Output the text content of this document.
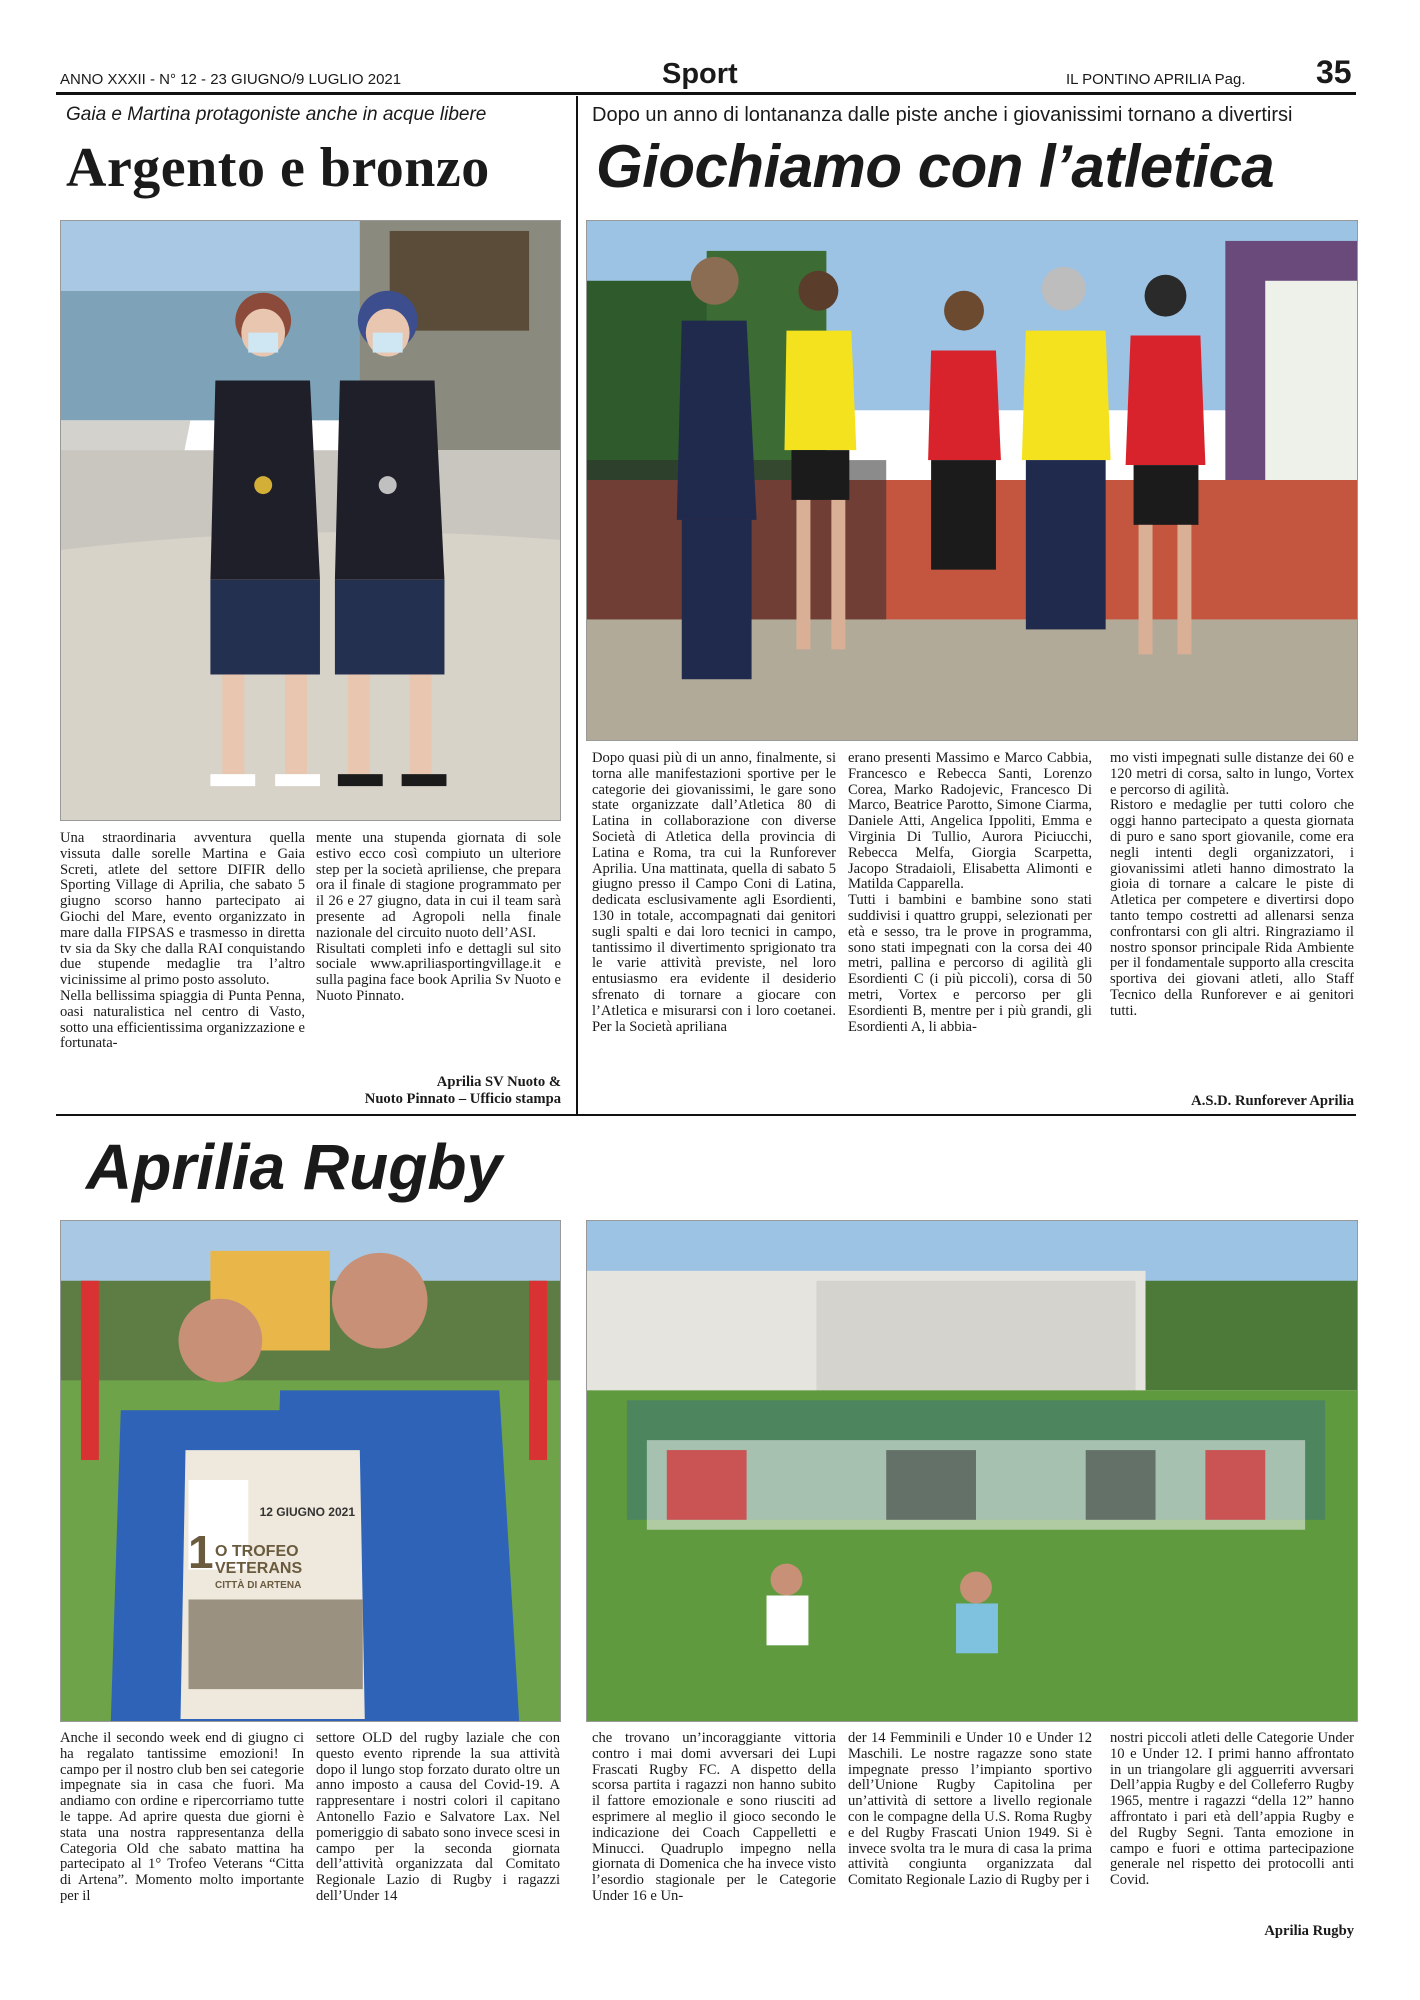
ANNO XXXII - N° 12 - 23 GIUGNO/9 LUGLIO 2021	Sport	IL PONTINO APRILIA Pag. 35
Gaia e Martina protagoniste anche in acque libere
Argento e bronzo

Una straordinaria avventura quella vissuta dalle sorelle Martina e Gaia Screti, atlete del settore DIFIR dello Sporting Village di Aprilia, che sabato 5 giugno scorso hanno partecipato ai Giochi del Mare, evento organizzato in mare dalla FIPSAS e trasmesso in diretta tv sia da Sky che dalla RAI conquistando due stupende medaglie tra l’altro vicinissime al primo posto assoluto.

Nella bellissima spiaggia di Punta Penna, oasi naturalistica nel centro di Vasto, sotto una efficientissima organizzazione e fortunata-

mente una stupenda giornata di sole estivo ecco così compiuto un ulteriore step per la società apriliense, che prepara ora il finale di stagione programmato per il 26 e 27 giugno, data in cui il team sarà presente ad Agropoli nella finale nazionale del circuito nuoto dell’ASI.

Risultati completi info e dettagli sul sito sociale www.apriliasportingvillage.it e sulla pagina face book Aprilia Sv Nuoto e Nuoto Pinnato.

Aprilia SV Nuoto &
Nuoto Pinnato – Ufficio stampa
Dopo un anno di lontananza dalle piste anche i giovanissimi tornano a divertirsi
Giochiamo con l’atletica

Dopo quasi più di un anno, finalmente, si torna alle manifestazioni sportive per le categorie dei giovanissimi, le gare sono state organizzate dall’Atletica 80 di Latina in collaborazione con diverse Società di Atletica della provincia di Latina e Roma, tra cui la Runforever Aprilia. Una mattinata, quella di sabato 5 giugno presso il Campo Coni di Latina, dedicata esclusivamente agli Esordienti, 130 in totale, accompagnati dai genitori sugli spalti e dai loro tecnici in campo, tantissimo il divertimento sprigionato tra le varie attività previste, nel loro entusiasmo era evidente il desiderio sfrenato di tornare a giocare con l’Atletica e misurarsi con i loro coetanei. Per la Società apriliana

erano presenti Massimo e Marco Cabbia, Francesco e Rebecca Santi, Lorenzo Corea, Marko Radojevic, Francesco Di Marco, Beatrice Parotto, Simone Ciarma, Daniele Atti, Angelica Ippoliti, Emma e Virginia Di Tullio, Aurora Piciucchi, Rebecca Melfa, Giorgia Scarpetta, Jacopo Stradaioli, Elisabetta Alimonti e Matilda Capparella.

Tutti i bambini e bambine sono stati suddivisi i quattro gruppi, selezionati per età e sesso, tra le prove in programma, sono stati impegnati con la corsa dei 40 metri, pallina e percorso di agilità gli Esordienti C (i più piccoli), corsa di 50 metri, Vortex e percorso per gli Esordienti B, mentre per i più grandi, gli Esordienti A, li abbia-

mo visti impegnati sulle distanze dei 60 e 120 metri di corsa, salto in lungo, Vortex e percorso di agilità.

Ristoro e medaglie per tutti coloro che oggi hanno partecipato a questa giornata di puro e sano sport giovanile, come era negli intenti degli organizzatori, i giovanissimi atleti hanno dimostrato la gioia di tornare a calcare le piste di Atletica per competere e divertirsi dopo tanto tempo costretti ad allenarsi senza confrontarsi con gli altri. Ringraziamo il nostro sponsor principale Rida Ambiente per il fondamentale supporto alla crescita sportiva dei giovani atleti, allo Staff Tecnico della Runforever e ai genitori tutti.

A.S.D. Runforever Aprilia
Aprilia Rugby
12 GIUGNO 2021
1 O TROFEO
VETERANS
CITTÀ DI ARTENA

Anche il secondo week end di giugno ci ha regalato tantissime emozioni! In campo per il nostro club ben sei categorie impegnate sia in casa che fuori. Ma andiamo con ordine e ripercorriamo tutte le tappe. Ad aprire questa due giorni è stata una nostra rappresentanza della Categoria Old che sabato mattina ha partecipato al 1° Trofeo Veterans “Citta di Artena”. Momento molto importante per il

settore OLD del rugby laziale che con questo evento riprende la sua attività dopo il lungo stop forzato durato oltre un anno imposto a causa del Covid-19. A rappresentare i nostri colori il capitano Antonello Fazio e Salvatore Lax. Nel pomeriggio di sabato sono invece scesi in campo per la seconda giornata dell’attività organizzata dal Comitato Regionale Lazio di Rugby i ragazzi dell’Under 14

che trovano un’incoraggiante vittoria contro i mai domi avversari dei Lupi Frascati Rugby FC. A dispetto della scorsa partita i ragazzi non hanno subito il fattore emozionale e sono riusciti ad esprimere al meglio il gioco secondo le indicazione dei Coach Cappelletti e Minucci. Quadruplo impegno nella giornata di Domenica che ha invece visto l’esordio stagionale per le Categorie Under 16 e Un-

der 14 Femminili e Under 10 e Under 12 Maschili. Le nostre ragazze sono state impegnate presso l’impianto sportivo dell’Unione Rugby Capitolina per un’attività di settore a livello regionale con le compagne della U.S. Roma Rugby e del Rugby Frascati Union 1949. Si è invece svolta tra le mura di casa la prima attività congiunta organizzata dal Comitato Regionale Lazio di Rugby per i

nostri piccoli atleti delle Categorie Under 10 e Under 12. I primi hanno affrontato in un triangolare gli agguerriti avversari Dell’appia Rugby e del Colleferro Rugby 1965, mentre i ragazzi “della 12” hanno affrontato i pari età dell’appia Rugby e del Rugby Segni. Tanta emozione in campo e fuori e ottima partecipazione generale nel rispetto dei protocolli anti Covid.

Aprilia Rugby
